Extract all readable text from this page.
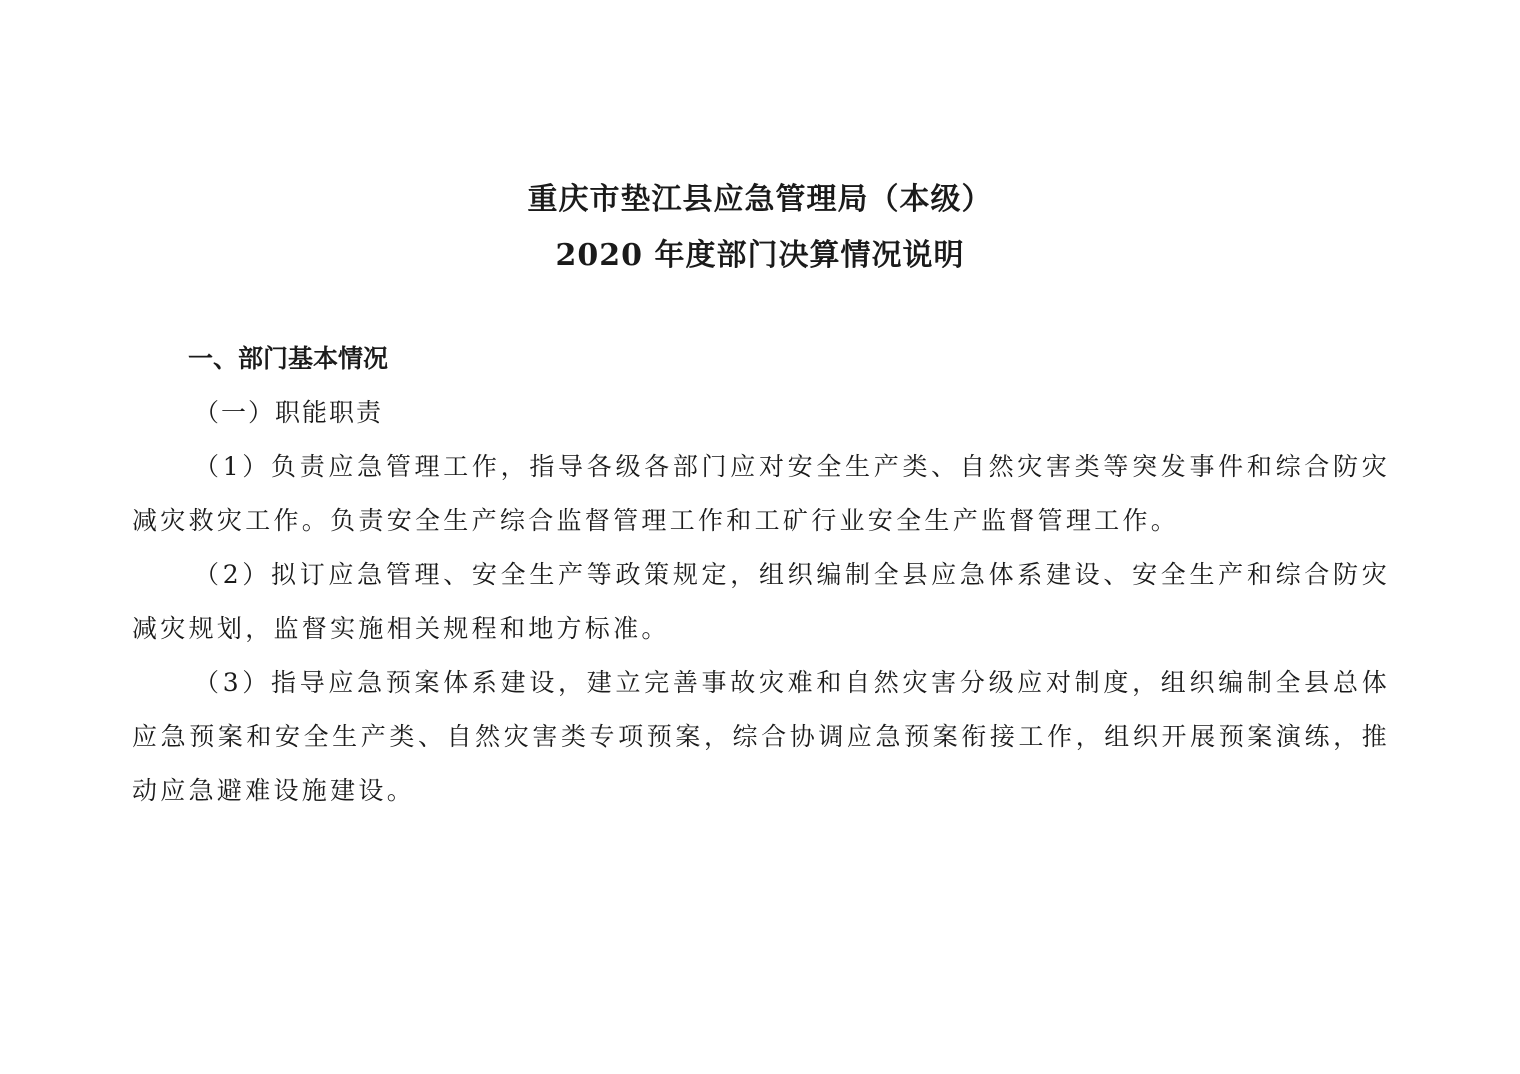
重庆市垫江县应急管理局（本级）
2020 年度部门决算情况说明
一、部门基本情况
（一）职能职责

（1）负责应急管理工作，指导各级各部门应对安全生产类、自然灾害类等突发事件和综合防灾减灾救灾工作。负责安全生产综合监督管理工作和工矿行业安全生产监督管理工作。

（2）拟订应急管理、安全生产等政策规定，组织编制全县应急体系建设、安全生产和综合防灾减灾规划，监督实施相关规程和地方标准。

（3）指导应急预案体系建设，建立完善事故灾难和自然灾害分级应对制度，组织编制全县总体应急预案和安全生产类、自然灾害类专项预案，综合协调应急预案衔接工作，组织开展预案演练，推动应急避难设施建设。
